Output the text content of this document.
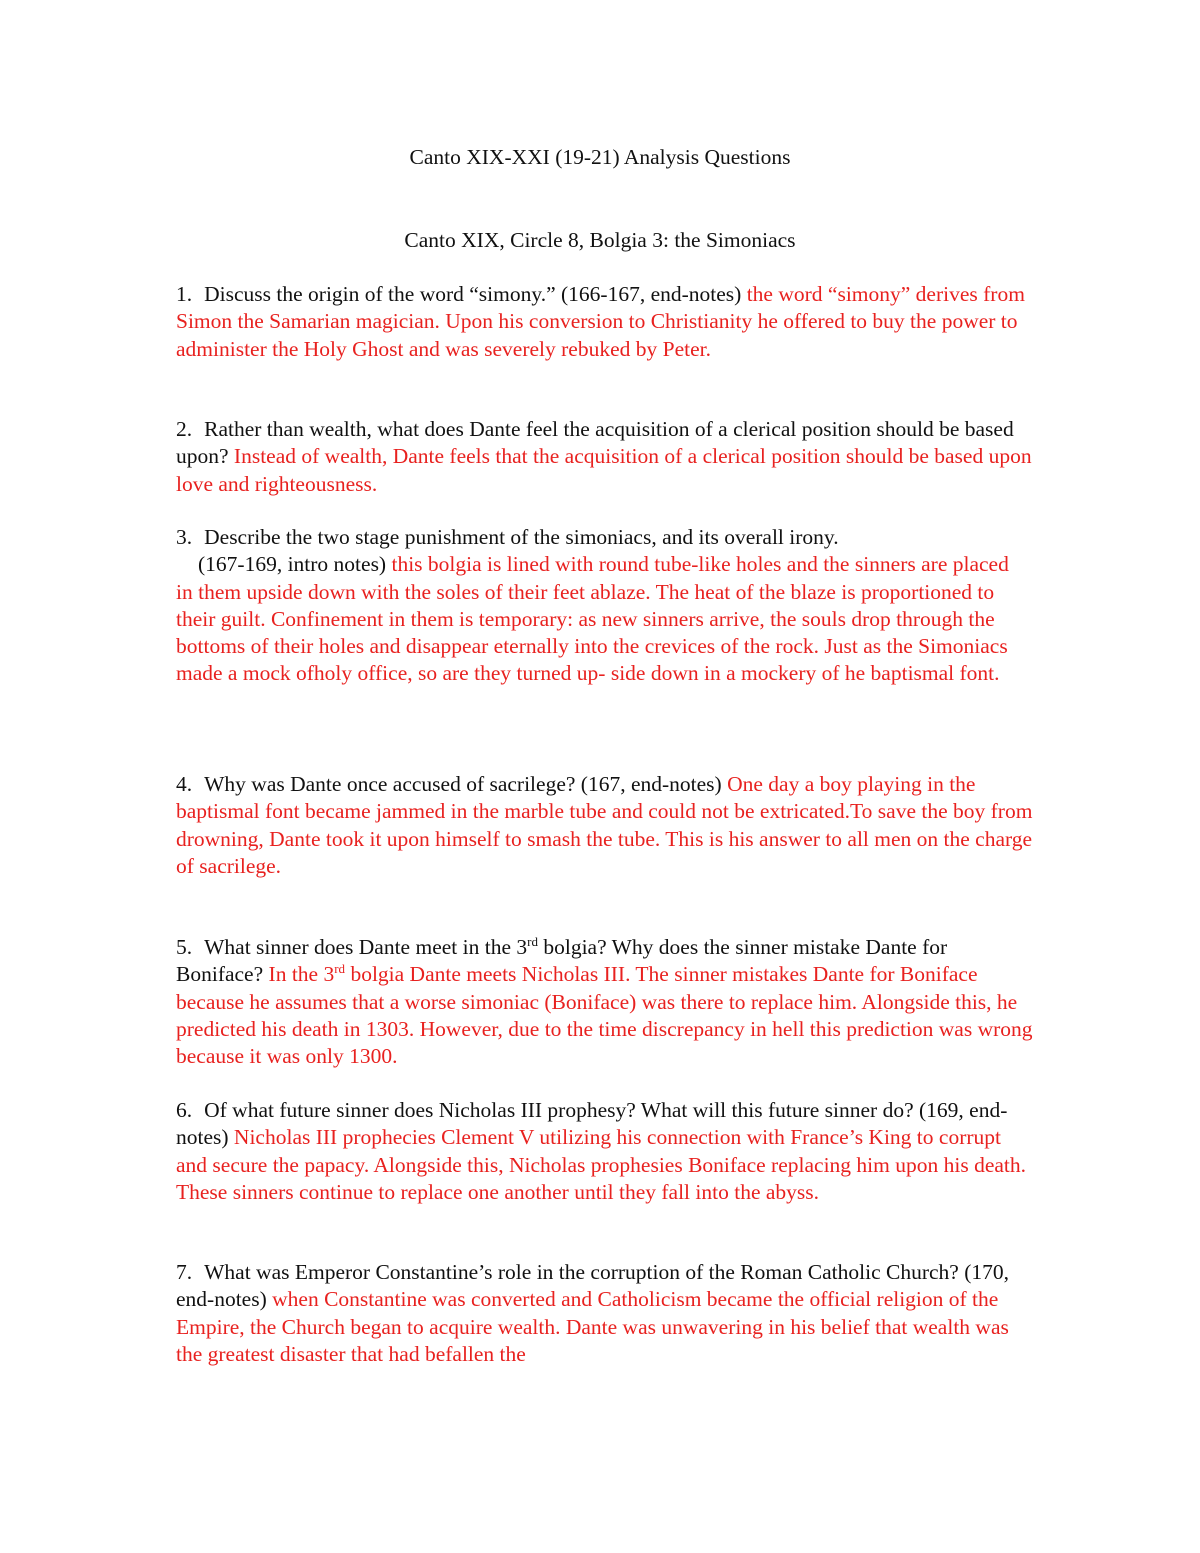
Canto XIX-XXI (19-21) Analysis Questions
Canto XIX, Circle 8, Bolgia 3: the Simoniacs
1. Discuss the origin of the word “simony.” (166-167, end-notes) the word “simony” derives from Simon the Samarian magician. Upon his conversion to Christianity he offered to buy the power to administer the Holy Ghost and was severely rebuked by Peter.
2. Rather than wealth, what does Dante feel the acquisition of a clerical position should be based upon? Instead of wealth, Dante feels that the acquisition of a clerical position should be based upon love and righteousness.
3. Describe the two stage punishment of the simoniacs, and its overall irony.
(167-169, intro notes) this bolgia is lined with round tube-like holes and the sinners are placed in them upside down with the soles of their feet ablaze. The heat of the blaze is proportioned to their guilt. Confinement in them is temporary: as new sinners arrive, the souls drop through the bottoms of their holes and disappear eternally into the crevices of the rock. Just as the Simoniacs made a mock ofholy office, so are they turned up- side down in a mockery of he baptismal font.
4. Why was Dante once accused of sacrilege? (167, end-notes) One day a boy playing in the baptismal font became jammed in the marble tube and could not be extricated.To save the boy from drowning, Dante took it upon himself to smash the tube. This is his answer to all men on the charge of sacrilege.
5. What sinner does Dante meet in the 3rd bolgia? Why does the sinner mistake Dante for Boniface? In the 3rd bolgia Dante meets Nicholas III. The sinner mistakes Dante for Boniface because he assumes that a worse simoniac (Boniface) was there to replace him. Alongside this, he predicted his death in 1303. However, due to the time discrepancy in hell this prediction was wrong because it was only 1300.
6. Of what future sinner does Nicholas III prophesy? What will this future sinner do? (169, end-notes) Nicholas III prophecies Clement V utilizing his connection with France’s King to corrupt and secure the papacy. Alongside this, Nicholas prophesies Boniface replacing him upon his death. These sinners continue to replace one another until they fall into the abyss.
7. What was Emperor Constantine’s role in the corruption of the Roman Catholic Church? (170, end-notes) when Constantine was converted and Catholicism became the official religion of the Empire, the Church began to acquire wealth. Dante was unwavering in his belief that wealth was the greatest disaster that had befallen the
